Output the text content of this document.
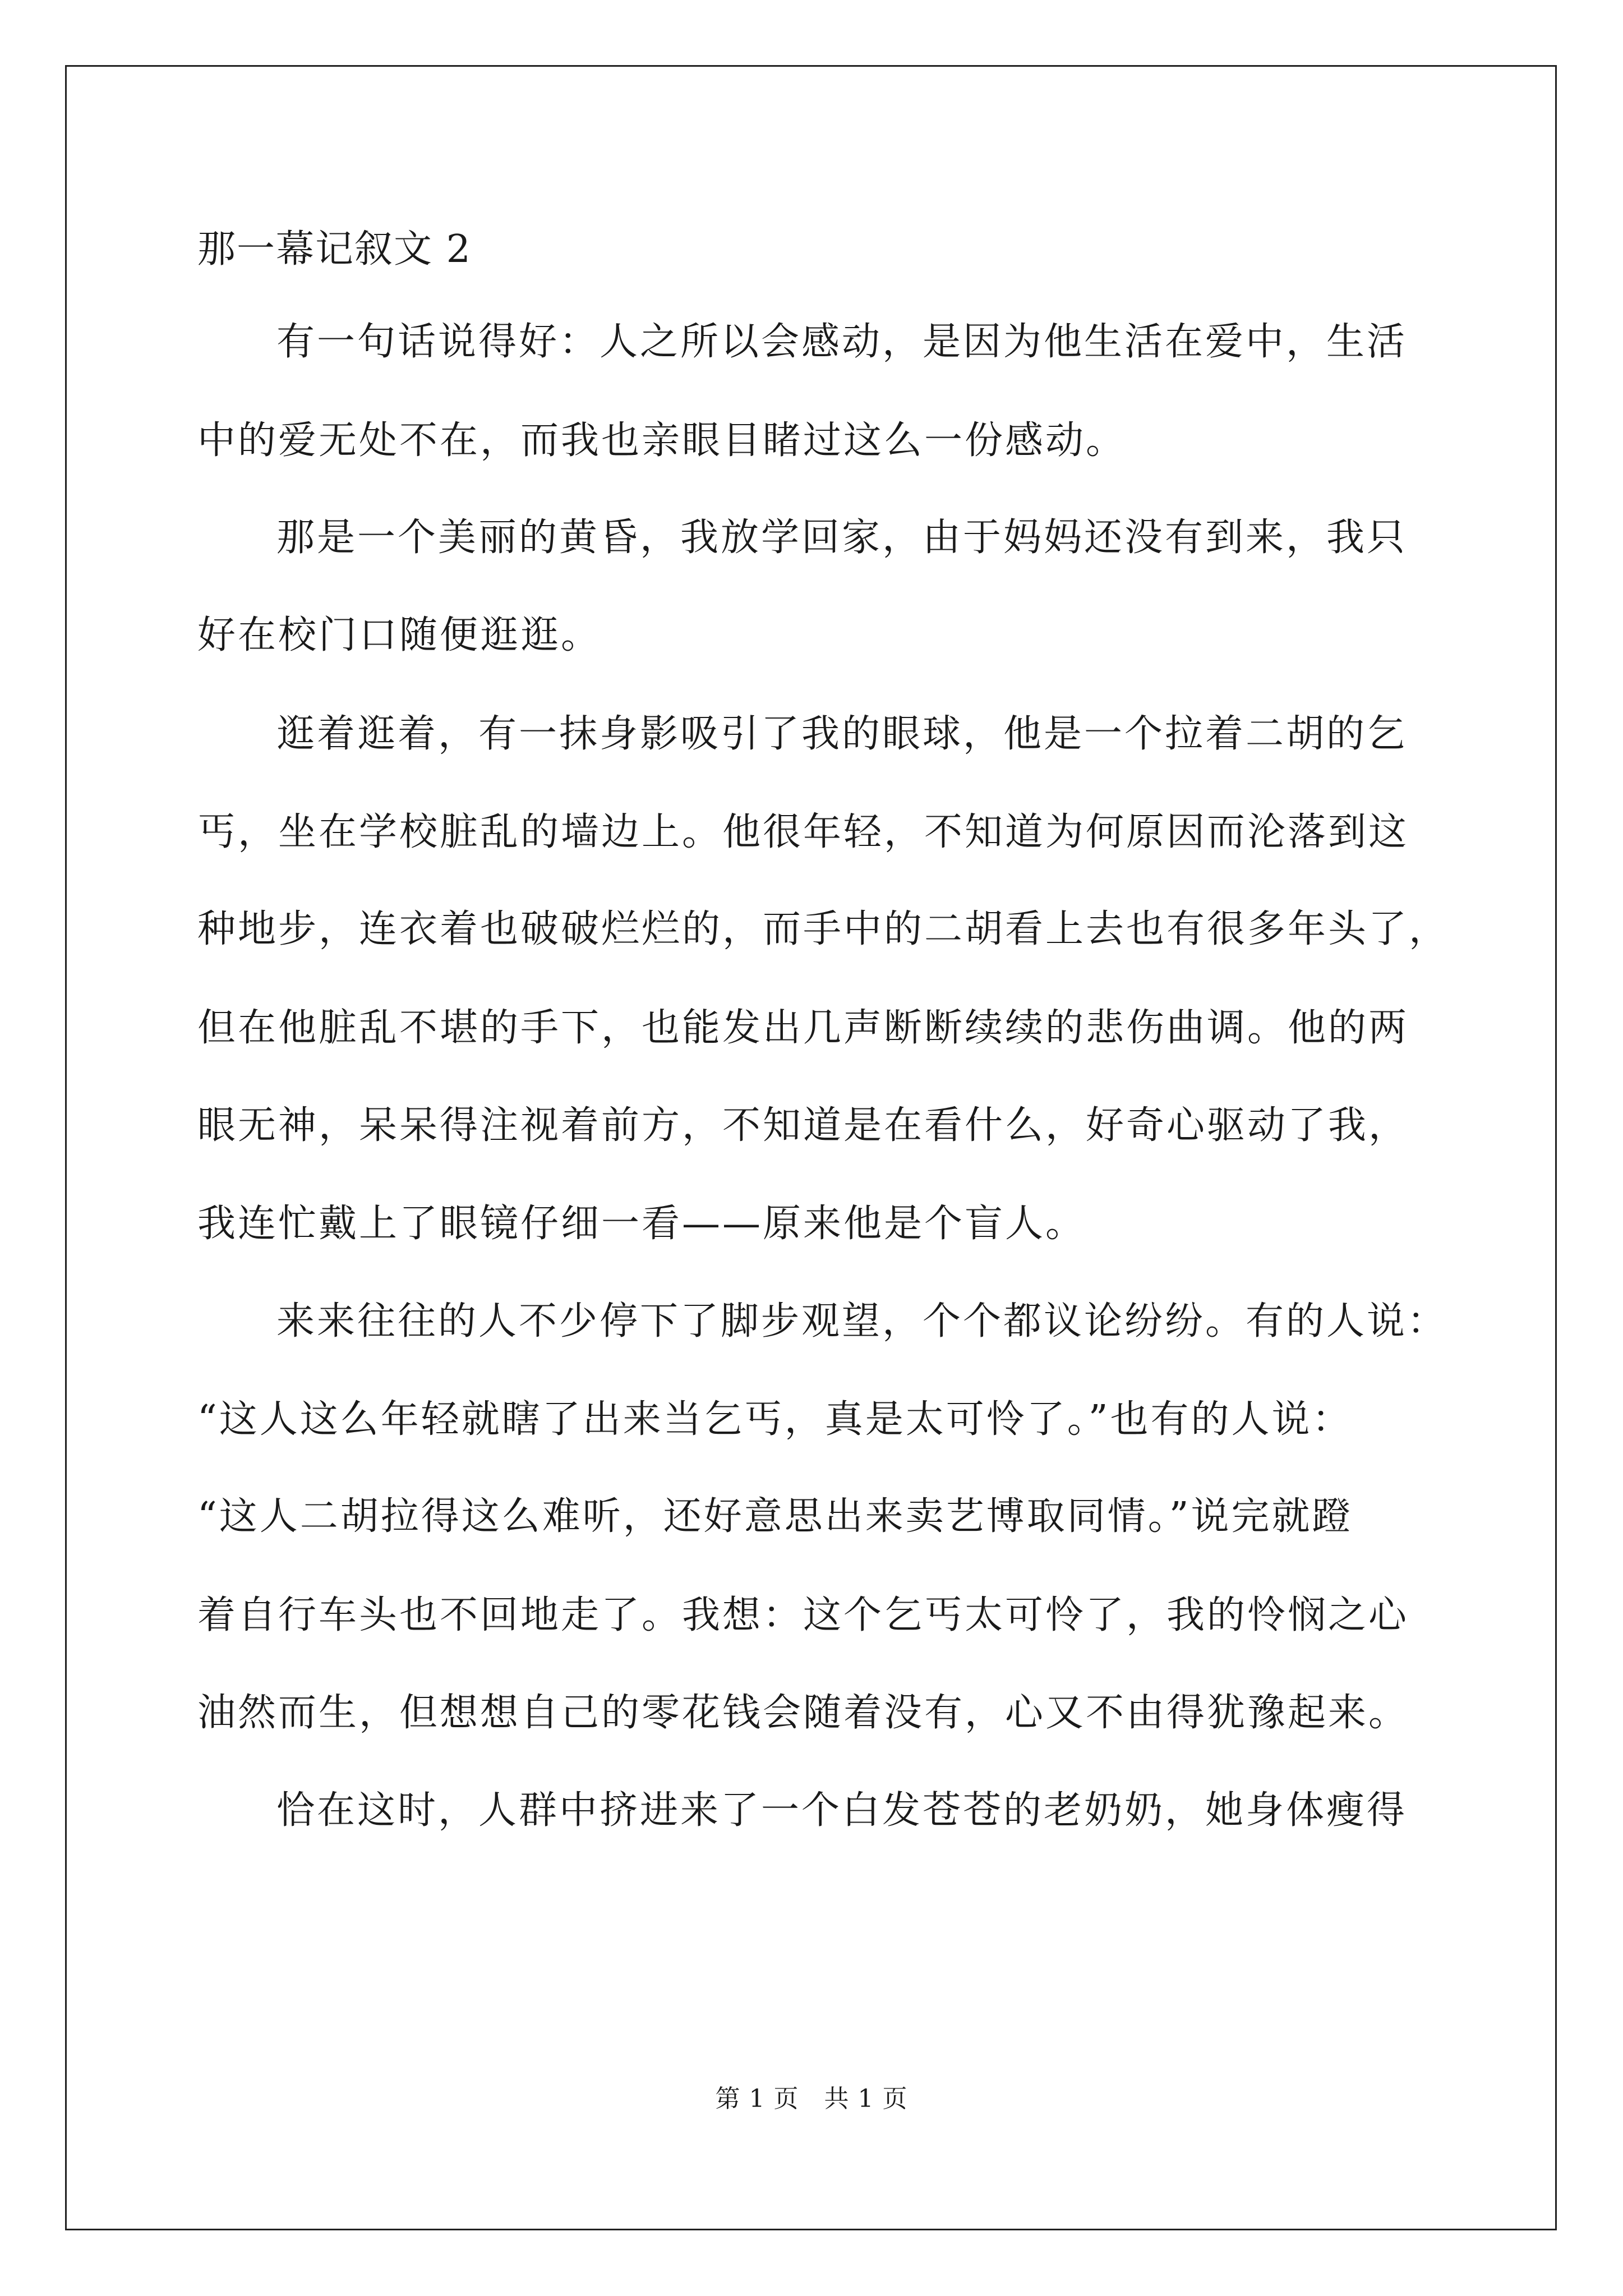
那一幕记叙文 2
有一句话说得好：人之所以会感动，是因为他生活在爱中，生活
中的爱无处不在，而我也亲眼目睹过这么一份感动。
那是一个美丽的黄昏，我放学回家，由于妈妈还没有到来，我只
好在校门口随便逛逛。
逛着逛着，有一抹身影吸引了我的眼球，他是一个拉着二胡的乞
丐，坐在学校脏乱的墙边上。他很年轻，不知道为何原因而沦落到这
种地步，连衣着也破破烂烂的，而手中的二胡看上去也有很多年头了，
但在他脏乱不堪的手下，也能发出几声断断续续的悲伤曲调。他的两
眼无神，呆呆得注视着前方，不知道是在看什么，好奇心驱动了我，
我连忙戴上了眼镜仔细一看——原来他是个盲人。
来来往往的人不少停下了脚步观望，个个都议论纷纷。有的人说：
“这人这么年轻就瞎了出来当乞丐，真是太可怜了。”也有的人说：
“这人二胡拉得这么难听，还好意思出来卖艺博取同情。”说完就蹬
着自行车头也不回地走了。我想：这个乞丐太可怜了，我的怜悯之心
油然而生，但想想自己的零花钱会随着没有，心又不由得犹豫起来。
恰在这时，人群中挤进来了一个白发苍苍的老奶奶，她身体瘦得
第 1 页　共 1 页
